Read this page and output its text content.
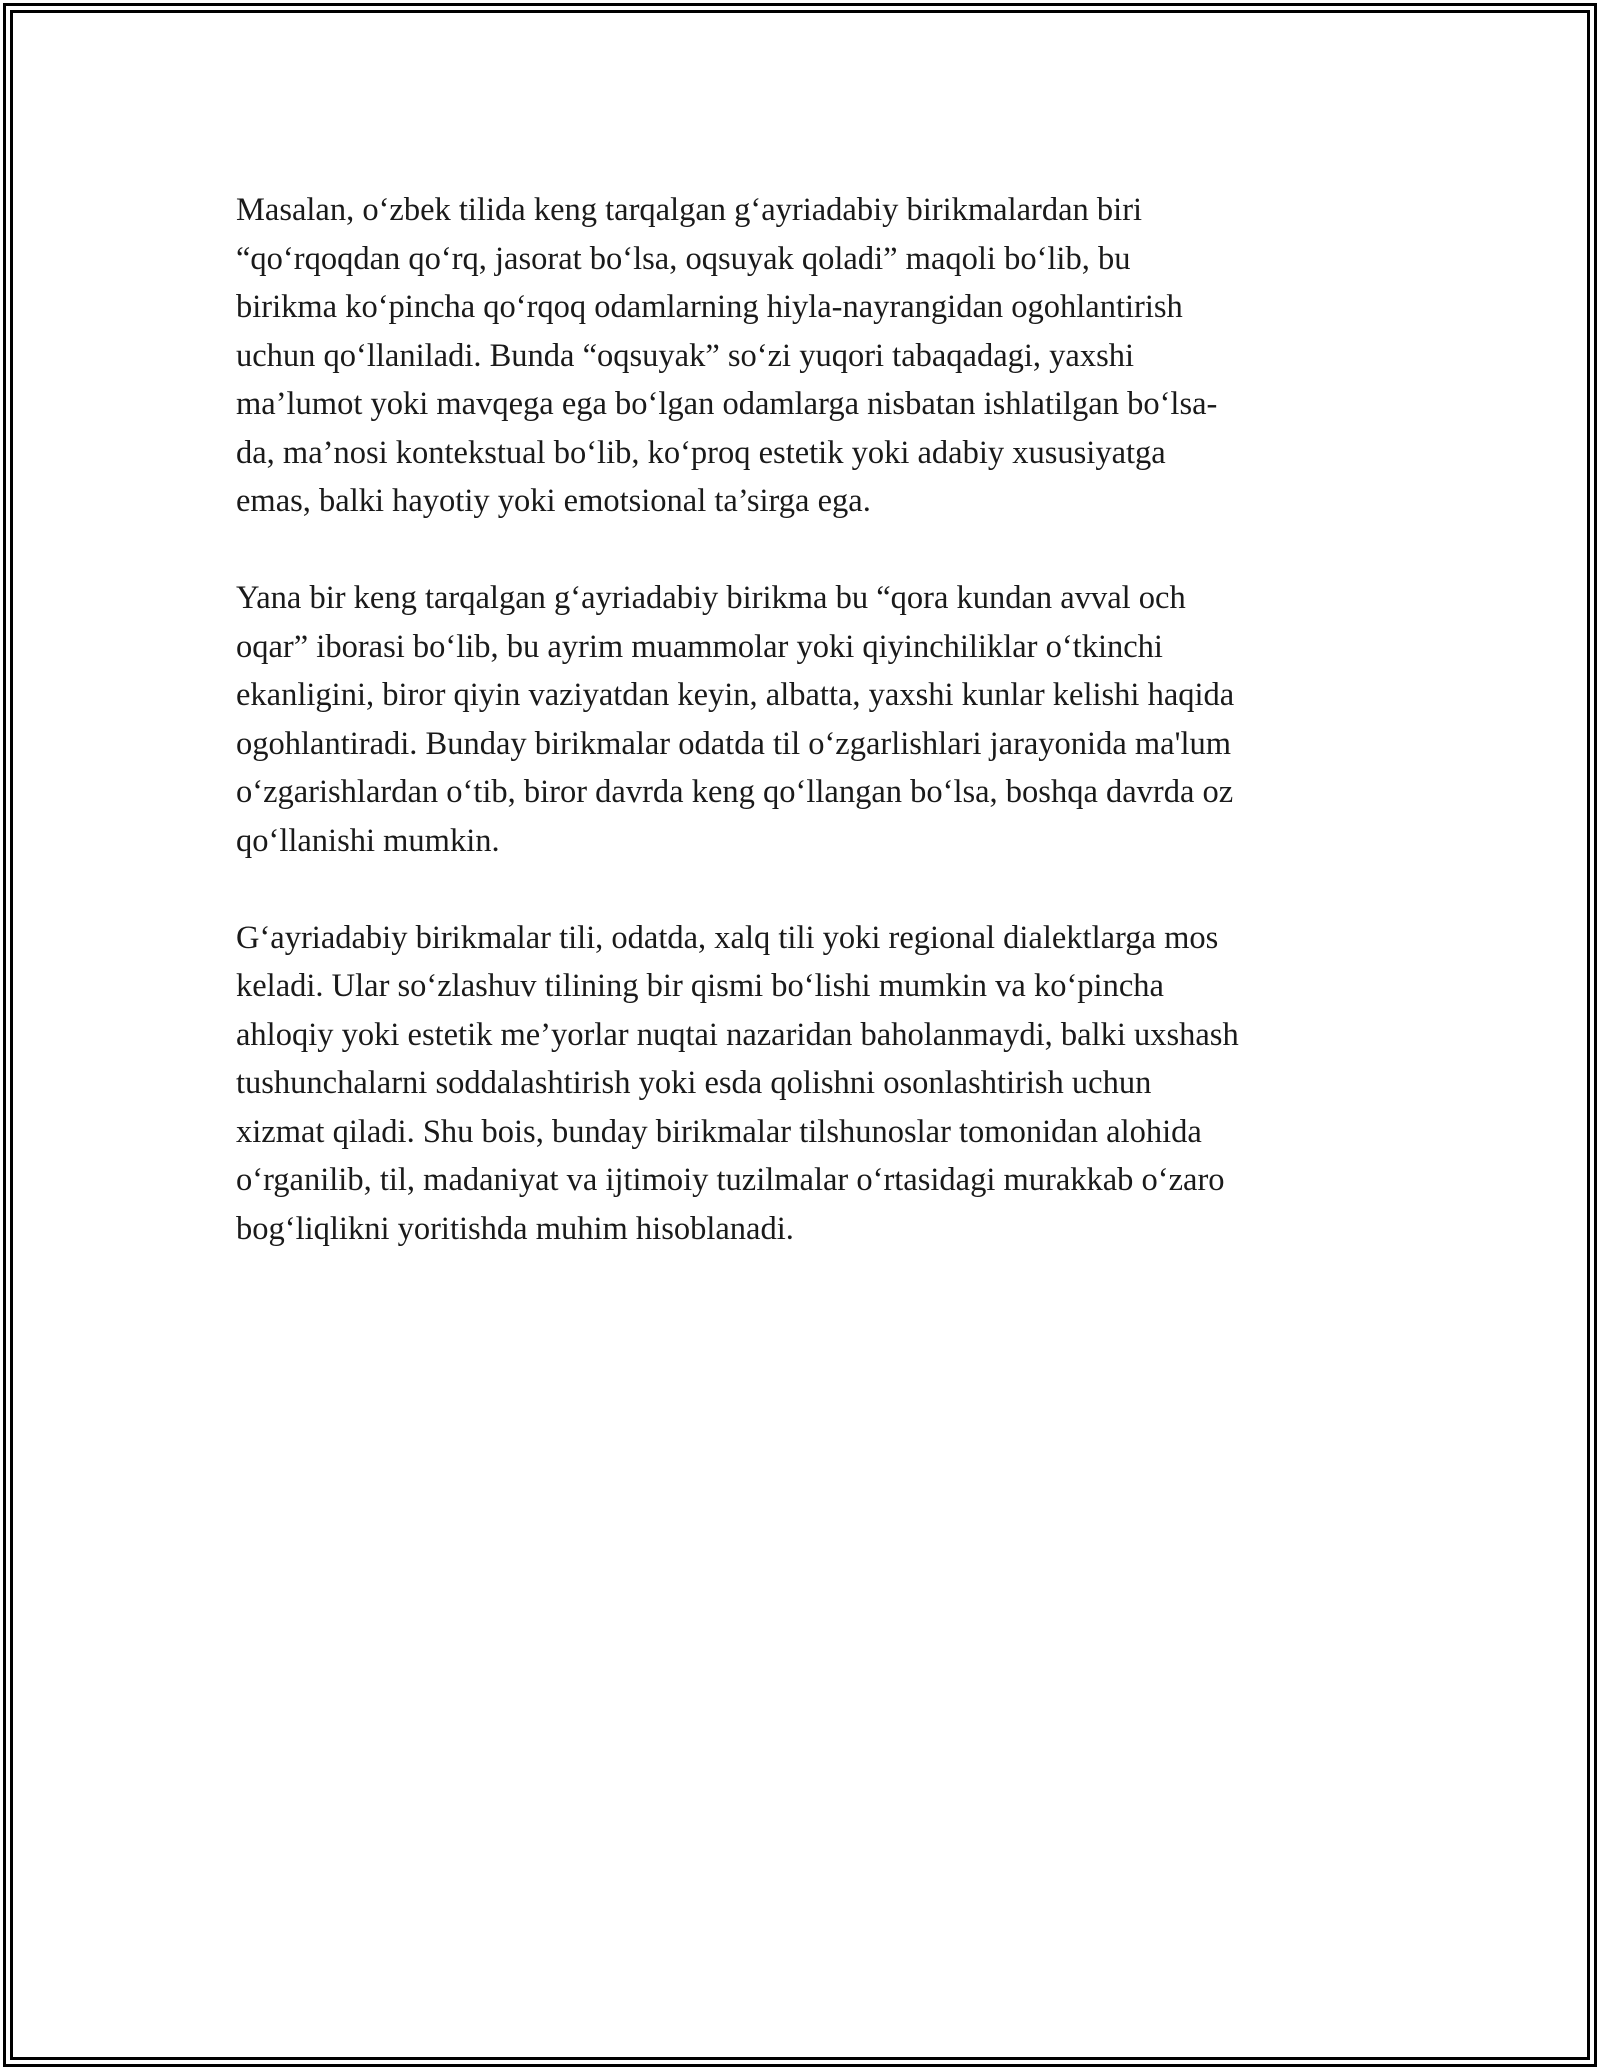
Masalan, o‘zbek tilida keng tarqalgan g‘ayriadabiy birikmalardan biri
“qo‘rqoqdan qo‘rq, jasorat bo‘lsa, oqsuyak qoladi” maqoli bo‘lib, bu
birikma ko‘pincha qo‘rqoq odamlarning hiyla-nayrangidan ogohlantirish
uchun qo‘llaniladi. Bunda “oqsuyak” so‘zi yuqori tabaqadagi, yaxshi
ma’lumot yoki mavqega ega bo‘lgan odamlarga nisbatan ishlatilgan bo‘lsa-
da, ma’nosi kontekstual bo‘lib, ko‘proq estetik yoki adabiy xususiyatga
emas, balki hayotiy yoki emotsional ta’sirga ega.

Yana bir keng tarqalgan g‘ayriadabiy birikma bu “qora kundan avval och
oqar” iborasi bo‘lib, bu ayrim muammolar yoki qiyinchiliklar o‘tkinchi
ekanligini, biror qiyin vaziyatdan keyin, albatta, yaxshi kunlar kelishi haqida
ogohlantiradi. Bunday birikmalar odatda til o‘zgarlishlari jarayonida ma'lum
o‘zgarishlardan o‘tib, biror davrda keng qo‘llangan bo‘lsa, boshqa davrda oz
qo‘llanishi mumkin.

G‘ayriadabiy birikmalar tili, odatda, xalq tili yoki regional dialektlarga mos
keladi. Ular so‘zlashuv tilining bir qismi bo‘lishi mumkin va ko‘pincha
ahloqiy yoki estetik me’yorlar nuqtai nazaridan baholanmaydi, balki uxshash
tushunchalarni soddalashtirish yoki esda qolishni osonlashtirish uchun
xizmat qiladi. Shu bois, bunday birikmalar tilshunoslar tomonidan alohida
o‘rganilib, til, madaniyat va ijtimoiy tuzilmalar o‘rtasidagi murakkab o‘zaro
bog‘liqlikni yoritishda muhim hisoblanadi.
